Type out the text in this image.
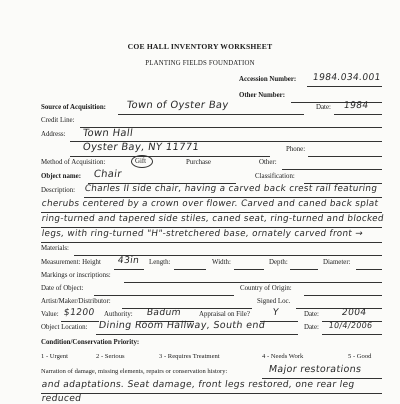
COE HALL INVENTORY WORKSHEET
PLANTING FIELDS FOUNDATION
Accession Number: 1984.034.001
Other Number:
Source of Acquisition: Town of Oyster Bay	Date: 1984
Credit Line:
Address: Town Hall
Oyster Bay, NY 11771	Phone:
Method of Acquisition:	Gift	Purchase	Other:
Object name: Chair	Classification:
Description: Charles II side chair, having a carved back crest rail featuring
cherubs centered by a crown over flower. Carved and caned back splat
ring-turned and tapered side stiles, caned seat, ring-turned and blocked
legs, with ring-turned "H"-stretchered base, ornately carved front →
Materials:
Measurement: Height 43in Length:	Width:	Depth:	Diameter:
Markings or inscriptions:
Date of Object:	Country of Origin:
Artist/Maker/Distributor:	Signed Loc.
Value: $1200 Authority: Badum	Appraisal on File? Y	Date: 2004
Object Location: Dining Room Hallway, South end	Date: 10/4/2006
Condition/Conservation Priority:
1 - Urgent	2 - Serious	3 - Requires Treatment	4 - Needs Work	5 - Good
Narration of damage, missing elements, repairs or conservation history:	Major restorations
and adaptations. Seat damage, front legs restored, one rear leg
reduced
